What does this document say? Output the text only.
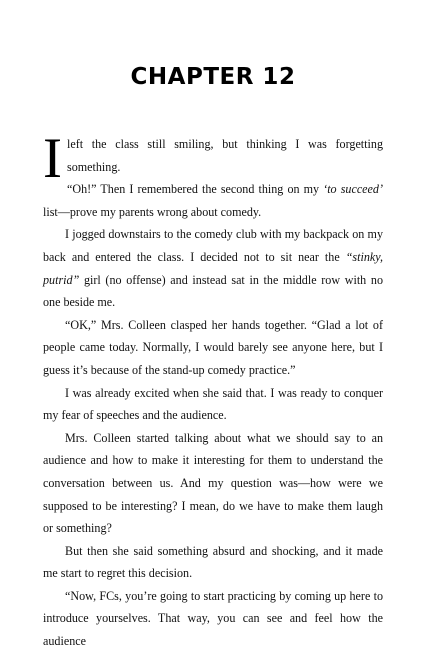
CHAPTER 12

I left the class still smiling, but thinking I was forgetting something.

“Oh!” Then I remembered the second thing on my ‘to succeed’ list—prove my parents wrong about comedy.

I jogged downstairs to the comedy club with my backpack on my back and entered the class. I decided not to sit near the “stinky, putrid” girl (no offense) and instead sat in the middle row with no one beside me.

“OK,” Mrs. Colleen clasped her hands together. “Glad a lot of people came today. Normally, I would barely see anyone here, but I guess it’s because of the stand-up comedy practice.”

I was already excited when she said that. I was ready to conquer my fear of speeches and the audience.

Mrs. Colleen started talking about what we should say to an audience and how to make it interesting for them to understand the conversation between us. And my question was—how were we supposed to be interesting? I mean, do we have to make them laugh or something?

But then she said something absurd and shocking, and it made me start to regret this decision.

“Now, FCs, you’re going to start practicing by coming up here to introduce yourselves. That way, you can see and feel how the audience
